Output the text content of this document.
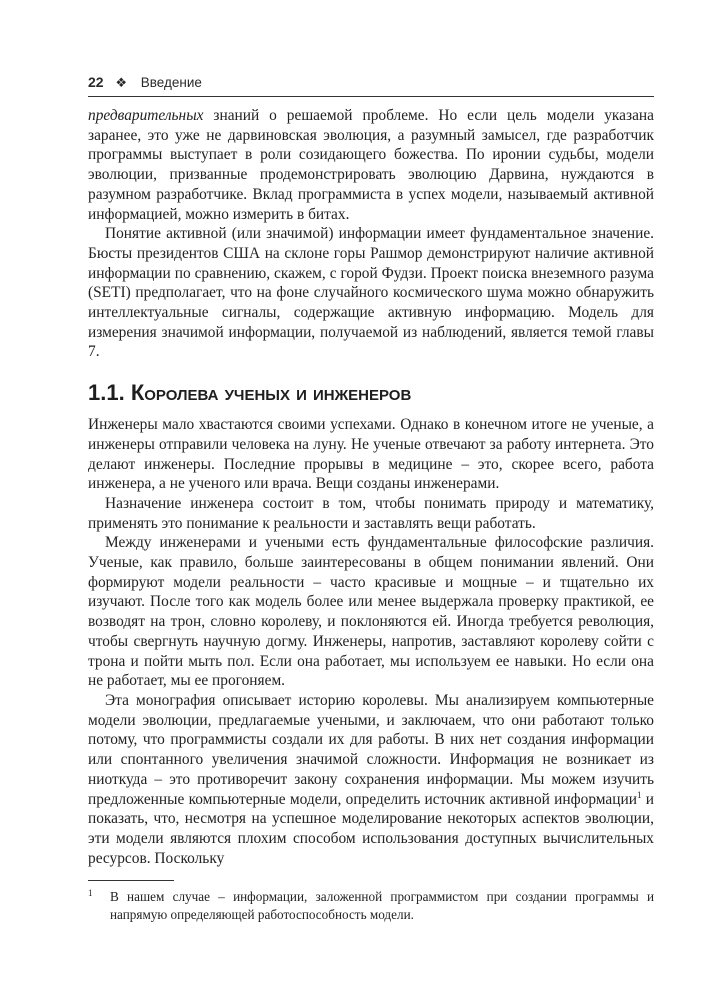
22 ❖ Введение

предварительных знаний о решаемой проблеме. Но если цель модели указана заранее, это уже не дарвиновская эволюция, а разумный замысел, где разработчик программы выступает в роли созидающего божества. По иронии судьбы, модели эволюции, призванные продемонстрировать эволюцию Дарвина, нуждаются в разумном разработчике. Вклад программиста в успех модели, называемый активной информацией, можно измерить в битах.

Понятие активной (или значимой) информации имеет фундаментальное значение. Бюсты президентов США на склоне горы Рашмор демонстрируют наличие активной информации по сравнению, скажем, с горой Фудзи. Проект поиска внеземного разума (SETI) предполагает, что на фоне случайного космического шума можно обнаружить интеллектуальные сигналы, содержащие активную информацию. Модель для измерения значимой информации, получаемой из наблюдений, является темой главы 7.

1.1. Королева ученых и инженеров

Инженеры мало хвастаются своими успехами. Однако в конечном итоге не ученые, а инженеры отправили человека на луну. Не ученые отвечают за работу интернета. Это делают инженеры. Последние прорывы в медицине – это, скорее всего, работа инженера, а не ученого или врача. Вещи созданы инженерами.

Назначение инженера состоит в том, чтобы понимать природу и математику, применять это понимание к реальности и заставлять вещи работать.

Между инженерами и учеными есть фундаментальные философские различия. Ученые, как правило, больше заинтересованы в общем понимании явлений. Они формируют модели реальности – часто красивые и мощные – и тщательно их изучают. После того как модель более или менее выдержала проверку практикой, ее возводят на трон, словно королеву, и поклоняются ей. Иногда требуется революция, чтобы свергнуть научную догму. Инженеры, напротив, заставляют королеву сойти с трона и пойти мыть пол. Если она работает, мы используем ее навыки. Но если она не работает, мы ее прогоняем.

Эта монография описывает историю королевы. Мы анализируем компьютерные модели эволюции, предлагаемые учеными, и заключаем, что они работают только потому, что программисты создали их для работы. В них нет создания информации или спонтанного увеличения значимой сложности. Информация не возникает из ниоткуда – это противоречит закону сохранения информации. Мы можем изучить предложенные компьютерные модели, определить источник активной информации$^1$ и показать, что, несмотря на успешное моделирование некоторых аспектов эволюции, эти модели являются плохим способом использования доступных вычислительных ресурсов. Поскольку

1	В нашем случае – информации, заложенной программистом при создании программы и напрямую определяющей работоспособность модели.
